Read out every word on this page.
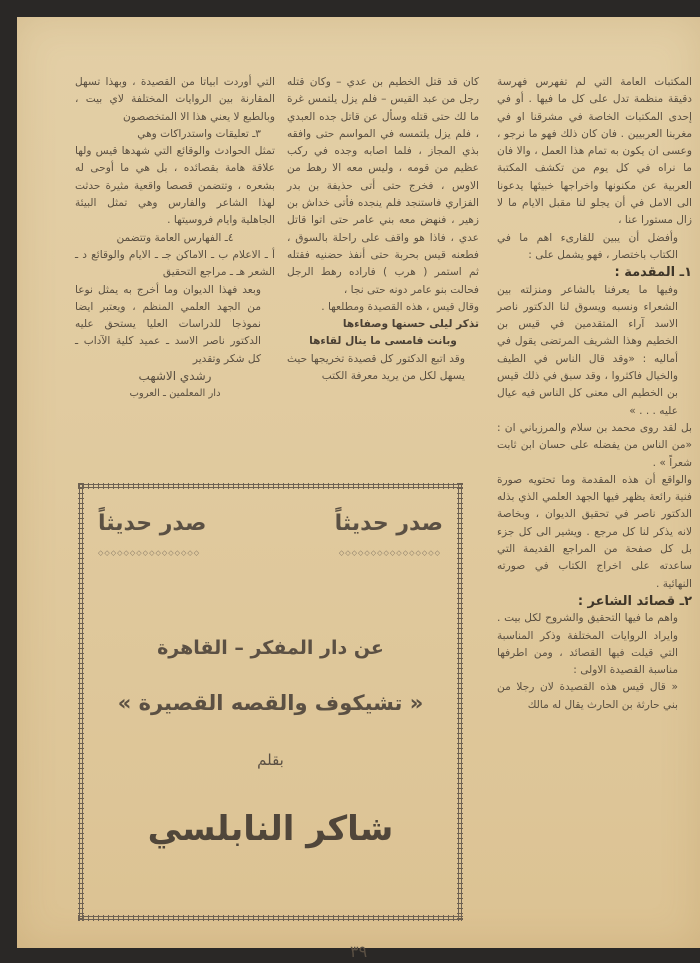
المكتبات العامة التي لم تفهرس فهرسة دقيقة منظمة تدل على كل ما فيها . أو في إحدى المكتبات الخاصة في مشرقنا او في مغربنا العربيين . فان كان ذلك فهو ما نرجو ، وعسى ان يكون به تمام هذا العمل ، والا فان ما نراه في كل يوم من تكشف المكتبة العربية عن مكنونها واخراجها خبيئها يدعونا الى الامل في أن يجلو لنا مقبل الايام ما لا زال مستورا عنا ،

وأفضل أن يبين للقارىء اهم ما في الكتاب باختصار ، فهو يشمل على :

١ـ المقدمة :

وفيها ما يعرفنا بالشاعر ومنزلته بين الشعراء ونسبه ويسوق لنا الدكتور ناصر الاسد آراء المتقدمين في قيس بن الخطيم وهذا الشريف المرتضى يقول في أماليه : «وقد قال الناس في الطيف والخيال فاكثروا ، وقد سبق في ذلك قيس بن الخطيم الى معنى كل الناس فيه عيال عليه . . . »

بل لقد روى محمد بن سلام والمرزباني ان : «من الناس من يفضله على حسان ابن ثابت شعراً » .

والواقع أن هذه المقدمة وما تحتويه صورة فنية رائعة يظهر فيها الجهد العلمي الذي بذله الدكتور ناصر في تحقيق الديوان ، وبخاصة لانه يذكر لنا كل مرجع . ويشير الى كل جزء بل كل صفحة من المراجع القديمة التي ساعدته على اخراج الكتاب في صورته النهائية .

٢ـ قصائد الشاعر :

واهم ما فيها التحقيق والشروح لكل بيت . وايراد الروايات المختلفة وذكر المناسبة التي قيلت فيها القصائد ، ومن اطرفها مناسبة القصيدة الاولى :

« قال قيس هذه القصيدة لان رجلا من بني حارثة بن الحارث يقال له مالك

كان قد قتل الخطيم بن عدي – وكان قتله رجل من عبد القيس – فلم يزل يلتمس غرة ما لك حتى قتله وسأل عن قاتل جده العبدي ، فلم يزل يلتمسه في المواسم حتى وافقه بذي المجاز ، فلما اصابه وجده في ركب عظيم من قومه ، وليس معه الا رهط من الاوس ، فخرج حتى أتى حذيفة بن بدر الفزاري فاستنجد فلم ينجده فأتى خداش بن زهير ، فنهض معه بني عامر حتى اتوا قاتل عدي ، فاذا هو واقف على راحلة بالسوق ، فطعنه قيس بحربة حتى أنفذ حضنيه فقتله ثم استمر ( هرب ) فاراده رهط الرجل فحالت بنو عامر دونه حتى نجا ،

وقال قيس ، هذه القصيدة ومطلعها .

تذكر ليلى حسنها وصفاءها

وبانت فامسى ما ينال لقاءها

وقد اتبع الدكتور كل قصيدة تخريجها حيث يسهل لكل من يريد معرفة الكتب

التي أوردت ابياتا من القصيدة ، وبهذا تسهل المقارنة بين الروايات المختلفة لاي بيت ، وبالطبع لا يعني هذا الا المتخصصون

٣ـ تعليقات واستدراكات وهي

تمثل الحوادث والوقائع التي شهدها قيس ولها علاقة هامة بقصائده ، بل هي ما أوحى له بشعره ، وتتضمن قصصا واقعية مثيرة حدثت لهذا الشاعر والفارس وهي تمثل البيئة الجاهلية وايام فروسيتها .

٤ـ الفهارس العامة وتتضمن

أ ـ الاعلام ب ـ الاماكن جـ ـ الايام والوقائع د ـ الشعر هـ ـ مراجع التحقيق

وبعد فهذا الديوان وما أخرج به يمثل نوعا من الجهد العلمي المنظم ، ويعتبر ايضا نموذجا للدراسات العليا يستحق عليه الدكتور ناصر الاسد ـ عميد كلية الآداب ـ كل شكر وتقدير

رشدي الاشهب

دار المعلمين ـ العروب

صدر حديثاً
صدر حديثاً
◇◇◇◇◇◇◇◇◇◇◇◇◇◇◇◇
◇◇◇◇◇◇◇◇◇◇◇◇◇◇◇◇
عن دار المفكر – القاهرة
« تشيكوف والقصه القصيرة »
بقلم
شاكر النابلسي
٣٩
